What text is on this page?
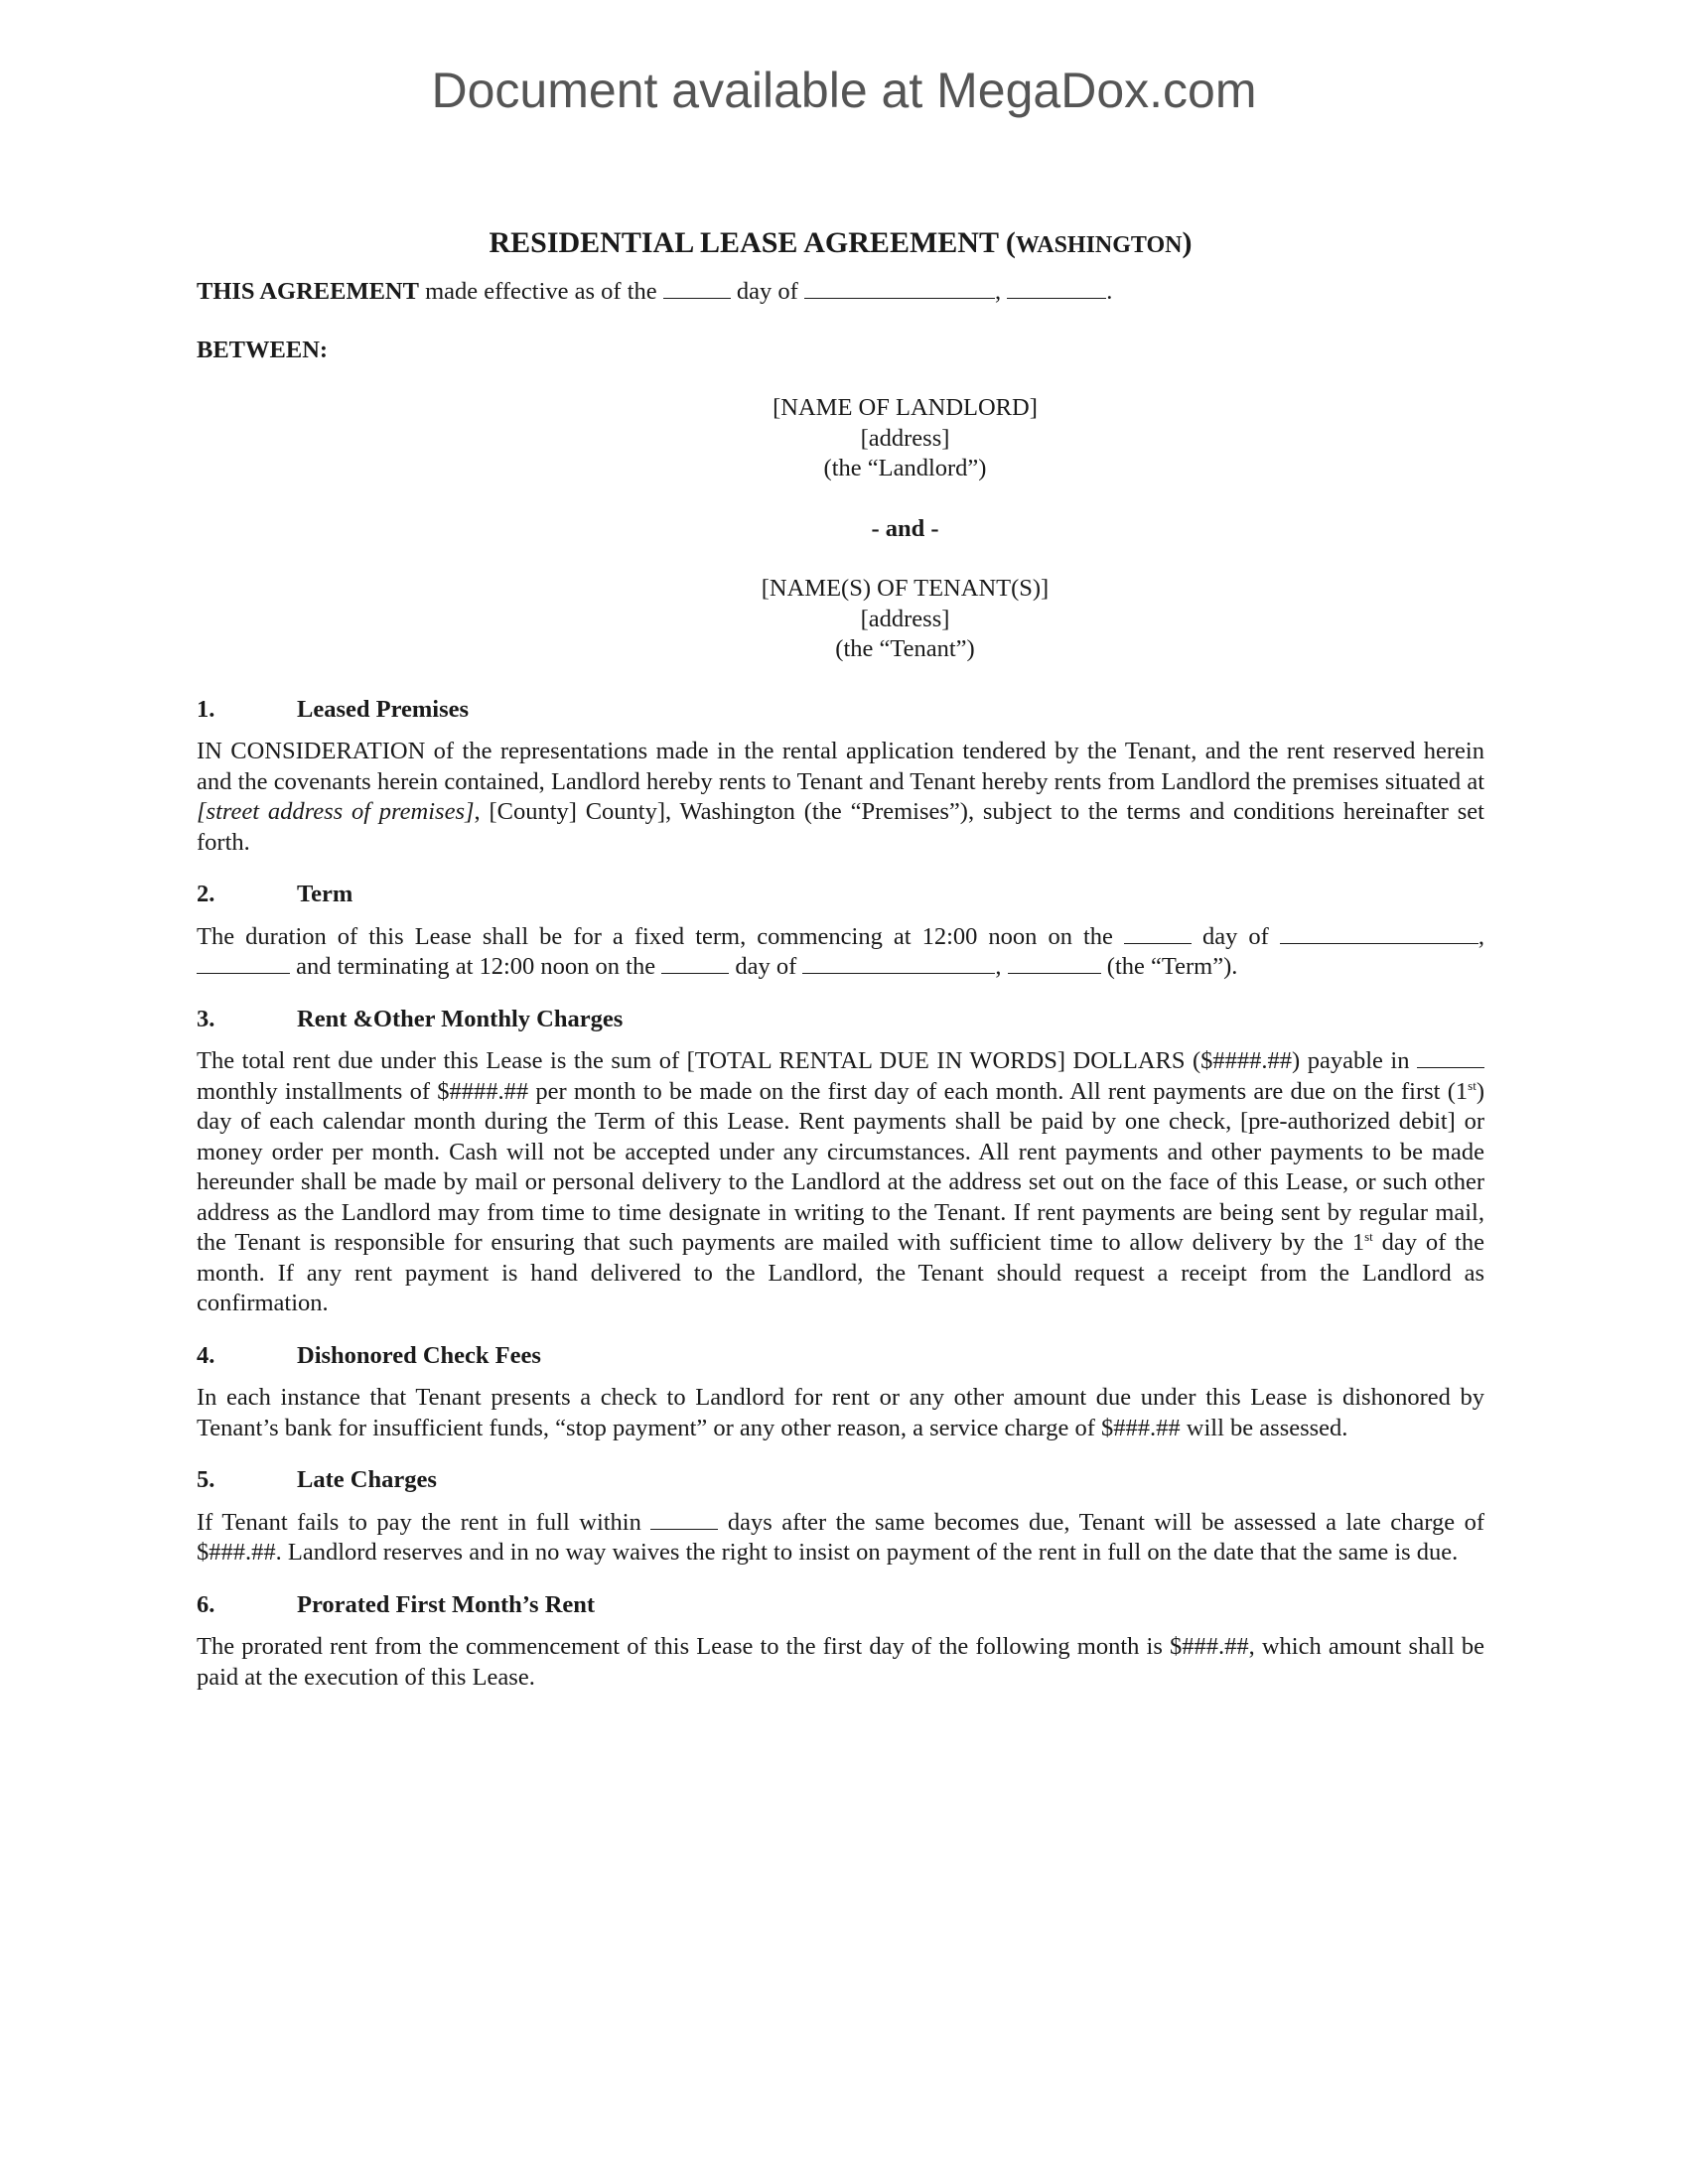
Document available at MegaDox.com
RESIDENTIAL LEASE AGREEMENT (WASHINGTON)

THIS AGREEMENT made effective as of the	day of	,	.

BETWEEN:

[NAME OF LANDLORD]
[address]
(the “Landlord”)

- and -

[NAME(S) OF TENANT(S)]
[address]
(the “Tenant”)

1.	Leased Premises

IN CONSIDERATION of the representations made in the rental application tendered by the Tenant, and the rent reserved herein and the covenants herein contained, Landlord hereby rents to Tenant and Tenant hereby rents from Landlord the premises situated at [street address of premises], [County] County], Washington (the “Premises”), subject to the terms and conditions hereinafter set forth.

2.	Term

The duration of this Lease shall be for a fixed term, commencing at 12:00 noon on the	day of	,  and terminating at 12:00 noon on the	day of	,	(the “Term”).

3.	Rent &Other Monthly Charges

The total rent due under this Lease is the sum of [TOTAL RENTAL DUE IN WORDS] DOLLARS ($####.##) payable in  monthly installments of $####.## per month to be made on the first day of each month. All rent payments are due on the first (1st) day of each calendar month during the Term of this Lease. Rent payments shall be paid by one check, [pre-authorized debit] or money order per month. Cash will not be accepted under any circumstances. All rent payments and other payments to be made hereunder shall be made by mail or personal delivery to the Landlord at the address set out on the face of this Lease, or such other address as the Landlord may from time to time designate in writing to the Tenant. If rent payments are being sent by regular mail, the Tenant is responsible for ensuring that such payments are mailed with sufficient time to allow delivery by the 1st day of the month. If any rent payment is hand delivered to the Landlord, the Tenant should request a receipt from the Landlord as confirmation.

4.	Dishonored Check Fees

In each instance that Tenant presents a check to Landlord for rent or any other amount due under this Lease is dishonored by Tenant’s bank for insufficient funds, “stop payment” or any other reason, a service charge of $###.## will be assessed.

5.	Late Charges

If Tenant fails to pay the rent in full within	days after the same becomes due, Tenant will be assessed a late charge of $###.##. Landlord reserves and in no way waives the right to insist on payment of the rent in full on the date that the same is due.

6.	Prorated First Month’s Rent

The prorated rent from the commencement of this Lease to the first day of the following month is $###.##, which amount shall be paid at the execution of this Lease.
